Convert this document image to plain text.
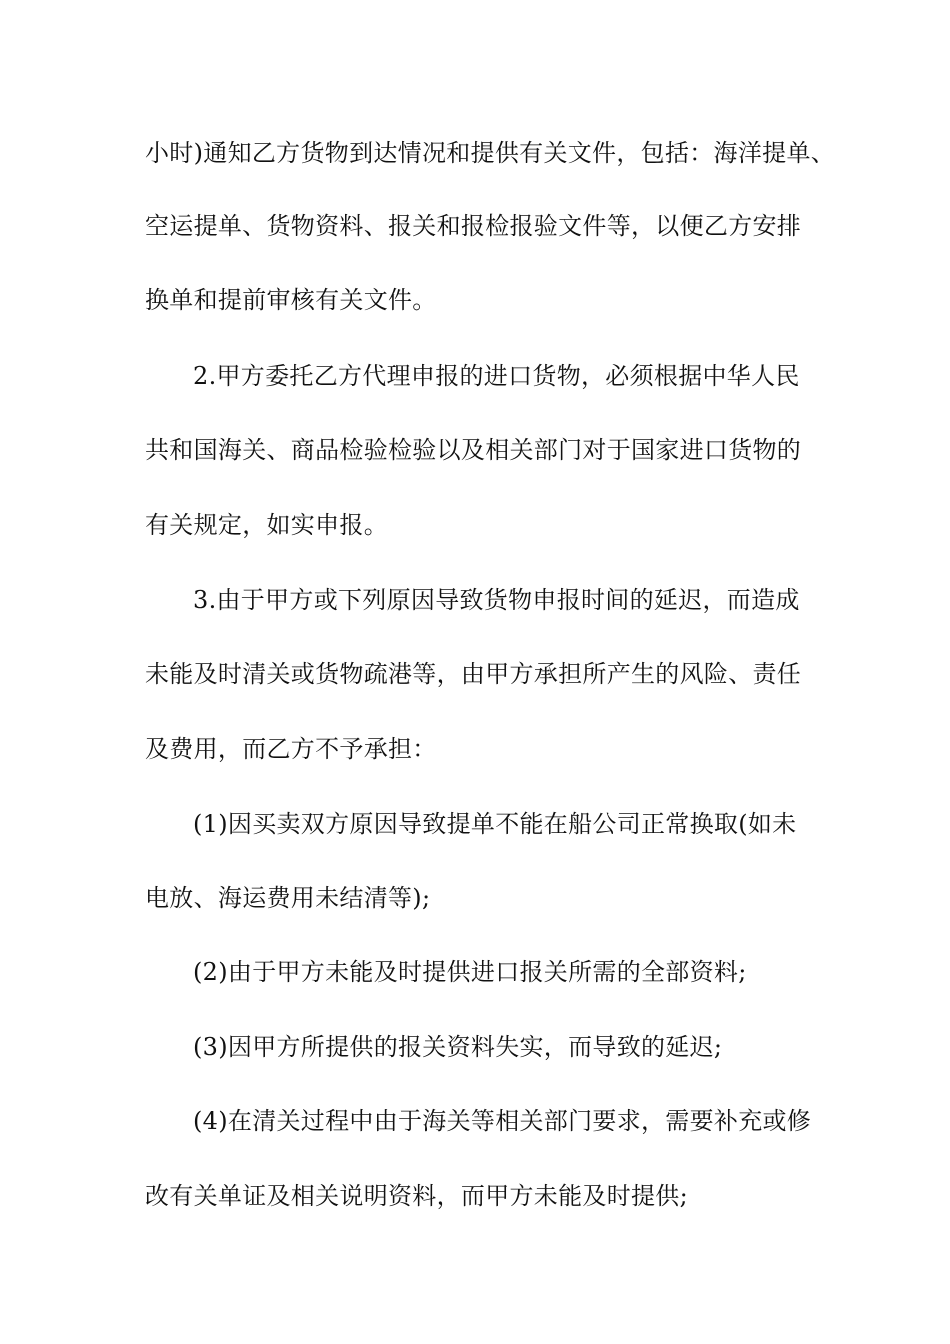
小时)通知乙方货物到达情况和提供有关文件，包括：海洋提单、
空运提单、货物资料、报关和报检报验文件等，以便乙方安排
换单和提前审核有关文件。
2.甲方委托乙方代理申报的进口货物，必须根据中华人民
共和国海关、商品检验检验以及相关部门对于国家进口货物的
有关规定，如实申报。
3.由于甲方或下列原因导致货物申报时间的延迟，而造成
未能及时清关或货物疏港等，由甲方承担所产生的风险、责任
及费用，而乙方不予承担：
(1)因买卖双方原因导致提单不能在船公司正常换取(如未
电放、海运费用未结清等);
(2)由于甲方未能及时提供进口报关所需的全部资料;
(3)因甲方所提供的报关资料失实，而导致的延迟;
(4)在清关过程中由于海关等相关部门要求，需要补充或修
改有关单证及相关说明资料，而甲方未能及时提供;
